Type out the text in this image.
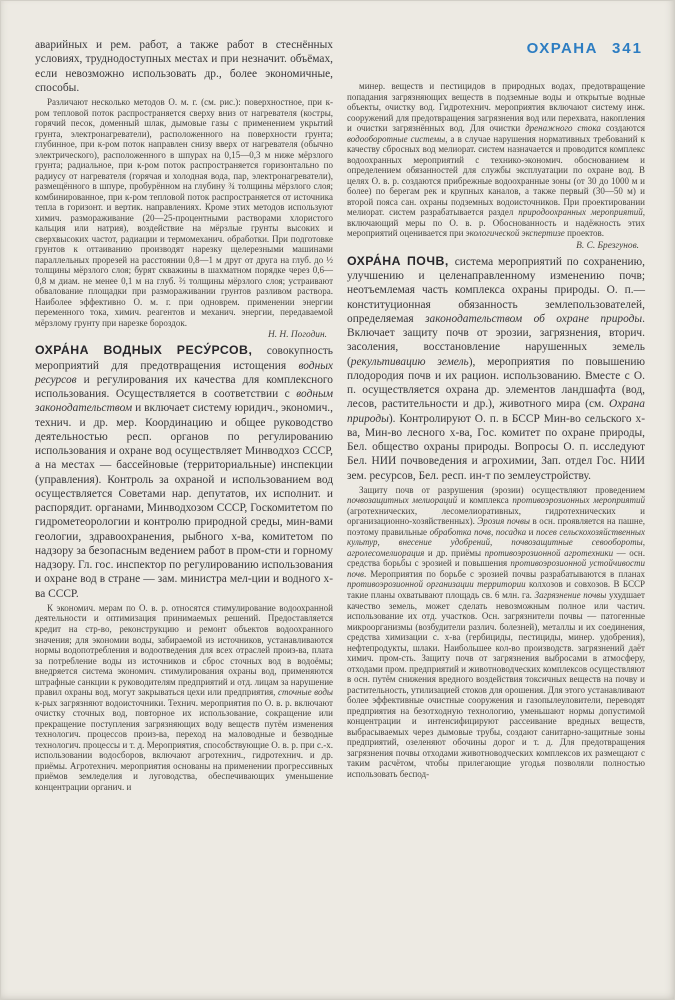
аварийных и рем. работ, а также работ в стеснённых условиях, труднодоступных местах и при незначит. объёмах, если невозможно использовать др., более экономичные, способы.

Различают несколько методов О. м. г. (см. рис.): поверхностное, при к-ром тепловой поток распространяется сверху вниз от нагревателя (костры, горячий песок, доменный шлак, дымовые газы с применением укрытий грунта, электронагреватели), расположенного на поверхности грунта; глубинное, при к-ром поток направлен снизу вверх от нагревателя (обычно электрического), расположенного в шпурах на 0,15—0,3 м ниже мёрзлого грунта; радиальное, при к-ром поток распространяется горизонтально по радиусу от нагревателя (горячая и холодная вода, пар, электронагреватели), размещённого в шпуре, пробурённом на глубину ¾ толщины мёрзлого слоя; комбинированное, при к-ром тепловой поток распространяется от источника тепла в горизонт. и вертик. направлениях. Кроме этих методов используют химич. размораживание (20—25-процентными растворами хлористого кальция или натрия), воздействие на мёрзлые грунты высоких и сверхвысоких частот, радиации и термомеханич. обработки. При подготовке грунтов к оттаиванию производят нарезку щелерезными машинами параллельных прорезей на расстоянии 0,8—1 м друг от друга на глуб. до ½ толщины мёрзлого слоя; бурят скважины в шахматном порядке через 0,6—0,8 м диам. не менее 0,1 м на глуб. ⅔ толщины мёрзлого слоя; устраивают обвалование площадки при размораживании грунтов разливом раствора. Наиболее эффективно О. м. г. при одноврем. применении энергии переменного тока, химич. реагентов и механич. энергии, передаваемой мёрзлому грунту при нарезке бороздок.

Н. Н. Погодин.

ОХРА́НА ВОДНЫХ РЕСУ́РСОВ, совокупность мероприятий для предотвращения истощения водных ресурсов и регулирования их качества для комплексного использования. Осуществляется в соответствии с водным законодательством и включает систему юридич., экономич., технич. и др. мер. Координацию и общее руководство деятельностью респ. органов по регулированию использования и охране вод осуществляет Минводхоз СССР, а на местах — бассейновые (территориальные) инспекции (управления). Контроль за охраной и использованием вод осуществляется Советами нар. депутатов, их исполнит. и распорядит. органами, Минводхозом СССР, Госкомитетом по гидрометеорологии и контролю природной среды, мин-вами геологии, здравоохранения, рыбного х-ва, комитетом по надзору за безопасным ведением работ в пром-сти и горному надзору. Гл. гос. инспектор по регулированию использования и охране вод в стране — зам. министра мел-ции и водного х-ва СССР.

К экономич. мерам по О. в. р. относятся стимулирование водоохранной деятельности и оптимизация принимаемых решений. Предоставляется кредит на стр-во, реконструкцию и ремонт объектов водоохранного значения; для экономии воды, забираемой из источников, устанавливаются нормы водопотребления и водоотведения для всех отраслей произ-ва, плата за потребление воды из источников и сброс сточных вод в водоёмы; внедряется система экономич. стимулирования охраны вод, применяются штрафные санкции к руководителям предприятий и отд. лицам за нарушение правил охраны вод, могут закрываться цехи или предприятия, сточные воды к-рых загрязняют водоисточники. Технич. мероприятия по О. в. р. включают очистку сточных вод, повторное их использование, сокращение или прекращение поступления загрязняющих воду веществ путём изменения технологич. процессов произ-ва, переход на маловодные и безводные технологич. процессы и т. д. Мероприятия, способствующие О. в. р. при с.-х. использовании водосборов, включают агротехнич., гидротехнич. и др. приёмы. Агротехнич. мероприятия основаны на применении прогрессивных приёмов земледелия и луговодства, обеспечивающих уменьшение концентрации органич. и

ОХРАНА 341

минер. веществ и пестицидов в природных водах, предотвращение попадания загрязняющих веществ в подземные воды и открытые водные объекты, очистку вод. Гидротехнич. мероприятия включают систему инж. сооружений для предотвращения загрязнения вод или перехвата, накопления и очистки загрязнённых вод. Для очистки дренажного стока создаются водооборотные системы, а в случае нарушения нормативных требований к качеству сбросных вод мелиорат. систем назначается и проводится комплекс водоохранных мероприятий с технико-экономич. обоснованием и определением обязанностей для службы эксплуатации по охране вод. В целях О. в. р. создаются прибрежные водоохранные зоны (от 30 до 1000 м и более) по берегам рек и крупных каналов, а также первый (30—50 м) и второй пояса сан. охраны подземных водоисточников. При проектировании мелиорат. систем разрабатывается раздел природоохранных мероприятий, включающий меры по О. в. р. Обоснованность и надёжность этих мероприятий оценивается при экологической экспертизе проектов.

В. С. Брезгунов.

ОХРА́НА ПОЧВ, система мероприятий по сохранению, улучшению и целенаправленному изменению почв; неотъемлемая часть комплекса охраны природы. О. п.— конституционная обязанность землепользователей, определяемая законодательством об охране природы. Включает защиту почв от эрозии, загрязнения, вторич. засоления, восстановление нарушенных земель (рекультивацию земель), мероприятия по повышению плодородия почв и их рацион. использованию. Вместе с О. п. осуществляется охрана др. элементов ландшафта (вод, лесов, растительности и др.), животного мира (см. Охрана природы). Контролируют О. п. в БССР Мин-во сельского х-ва, Мин-во лесного х-ва, Гос. комитет по охране природы, Бел. общество охраны природы. Вопросы О. п. исследуют Бел. НИИ почвоведения и агрохимии, Зап. отдел Гос. НИИ зем. ресурсов, Бел. респ. ин-т по землеустройству.

Защиту почв от разрушения (эрозии) осуществляют проведением почвозащитных мелиораций и комплекса противоэрозионных мероприятий (агротехнических, лесомелиоративных, гидротехнических и организационно-хозяйственных). Эрозия почвы в осн. проявляется на пашне, поэтому правильные обработка почв, посадка и посев сельскохозяйственных культур, внесение удобрений, почвозащитные севообороты, агролесомелиорация и др. приёмы противоэрозионной агротехники — осн. средства борьбы с эрозией и повышения противоэрозионной устойчивости почв. Мероприятия по борьбе с эрозией почвы разрабатываются в планах противоэрозионной организации территории колхозов и совхозов. В БССР такие планы охватывают площадь св. 6 млн. га. Загрязнение почвы ухудшает качество земель, может сделать невозможным полное или частич. использование их отд. участков. Осн. загрязнители почвы — патогенные микроорганизмы (возбудители различ. болезней), металлы и их соединения, средства химизации с. х-ва (гербициды, пестициды, минер. удобрения), нефтепродукты, шлаки. Наибольшее кол-во производств. загрязнений даёт химич. пром-сть. Защиту почв от загрязнения выбросами в атмосферу, отходами пром. предприятий и животноводческих комплексов осуществляют в осн. путём снижения вредного воздействия токсичных веществ на почву и растительность, утилизацией стоков для орошения. Для этого устанавливают более эффективные очистные сооружения и газопылеуловители, переводят предприятия на безотходную технологию, уменьшают нормы допустимой концентрации и интенсифицируют рассеивание вредных веществ, выбрасываемых через дымовые трубы, создают санитарно-защитные зоны предприятий, озеленяют обочины дорог и т. д. Для предотвращения загрязнения почвы отходами животноводческих комплексов их размещают с таким расчётом, чтобы прилегающие угодья позволяли полностью использовать беспод-
